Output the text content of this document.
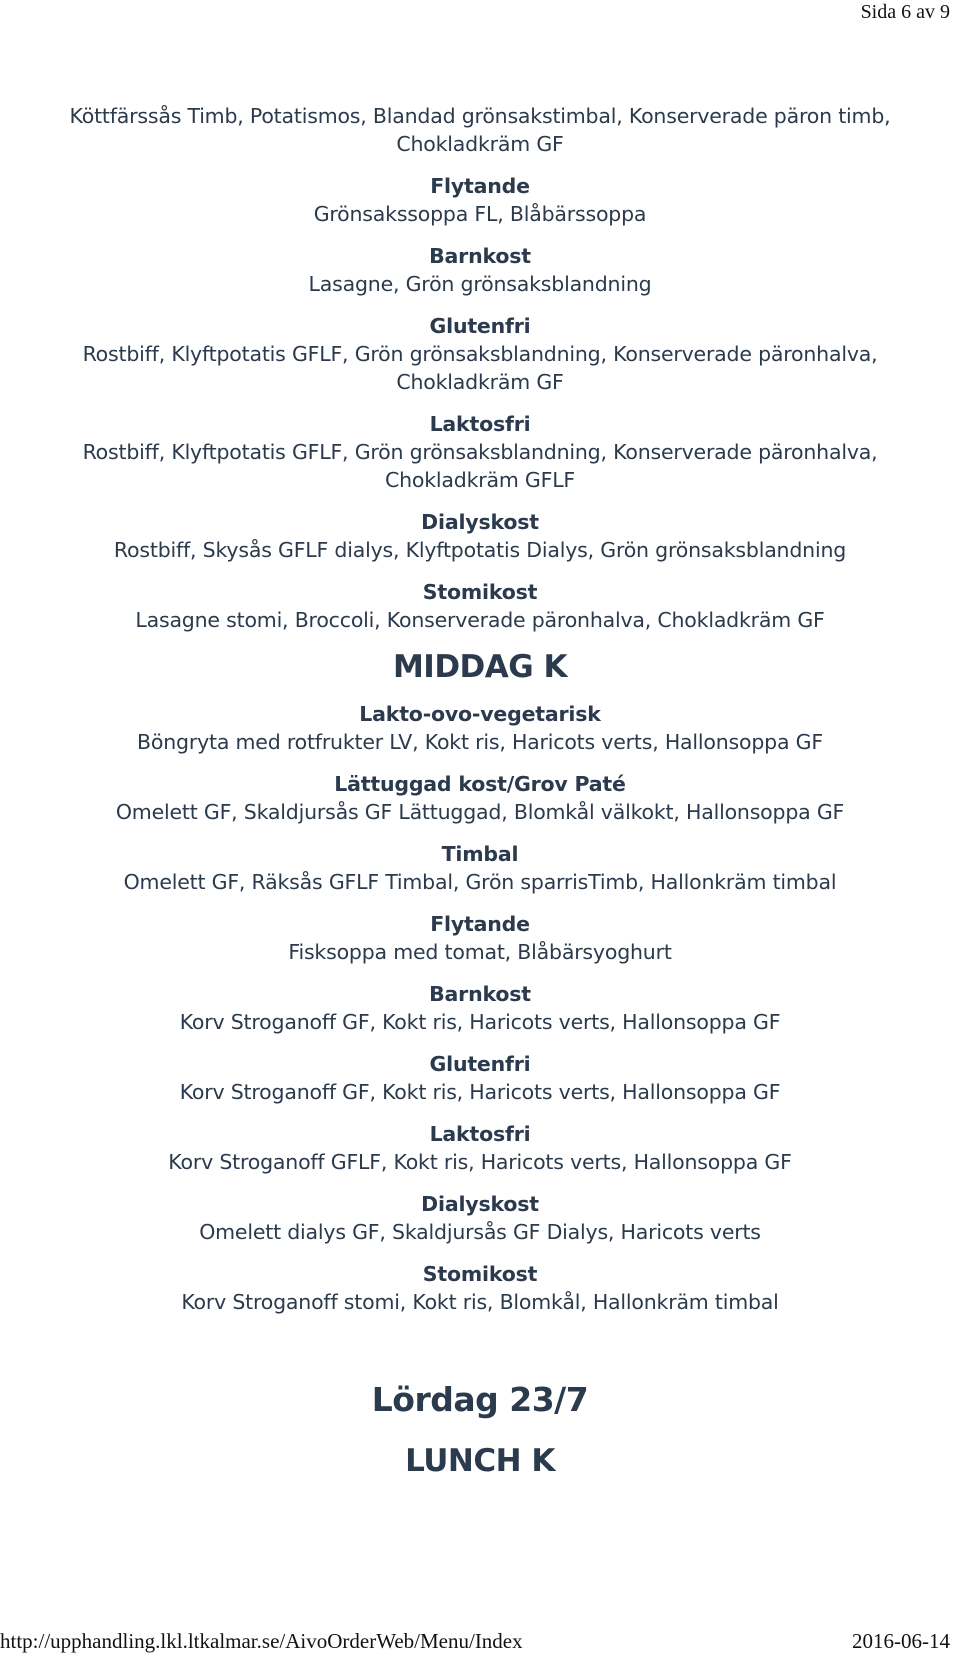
Sida 6 av 9

Köttfärssås Timb, Potatismos, Blandad grönsakstimbal, Konserverade päron timb,

Chokladkräm GF

Flytande

Grönsakssoppa FL, Blåbärssoppa

Barnkost

Lasagne, Grön grönsaksblandning

Glutenfri

Rostbiff, Klyftpotatis GFLF, Grön grönsaksblandning, Konserverade päronhalva,

Chokladkräm GF

Laktosfri

Rostbiff, Klyftpotatis GFLF, Grön grönsaksblandning, Konserverade päronhalva,

Chokladkräm GFLF

Dialyskost

Rostbiff, Skysås GFLF dialys, Klyftpotatis Dialys, Grön grönsaksblandning

Stomikost

Lasagne stomi, Broccoli, Konserverade päronhalva, Chokladkräm GF

MIDDAG K

Lakto-ovo-vegetarisk

Böngryta med rotfrukter LV, Kokt ris, Haricots verts, Hallonsoppa GF

Lättuggad kost/Grov Paté

Omelett GF, Skaldjursås GF Lättuggad, Blomkål välkokt, Hallonsoppa GF

Timbal

Omelett GF, Räksås GFLF Timbal, Grön sparrisTimb, Hallonkräm timbal

Flytande

Fisksoppa med tomat, Blåbärsyoghurt

Barnkost

Korv Stroganoff GF, Kokt ris, Haricots verts, Hallonsoppa GF

Glutenfri

Korv Stroganoff GF, Kokt ris, Haricots verts, Hallonsoppa GF

Laktosfri

Korv Stroganoff GFLF, Kokt ris, Haricots verts, Hallonsoppa GF

Dialyskost

Omelett dialys GF, Skaldjursås GF Dialys, Haricots verts

Stomikost

Korv Stroganoff stomi, Kokt ris, Blomkål, Hallonkräm timbal

Lördag 23/7
LUNCH K
http://upphandling.lkl.ltkalmar.se/AivoOrderWeb/Menu/Index	2016-06-14
